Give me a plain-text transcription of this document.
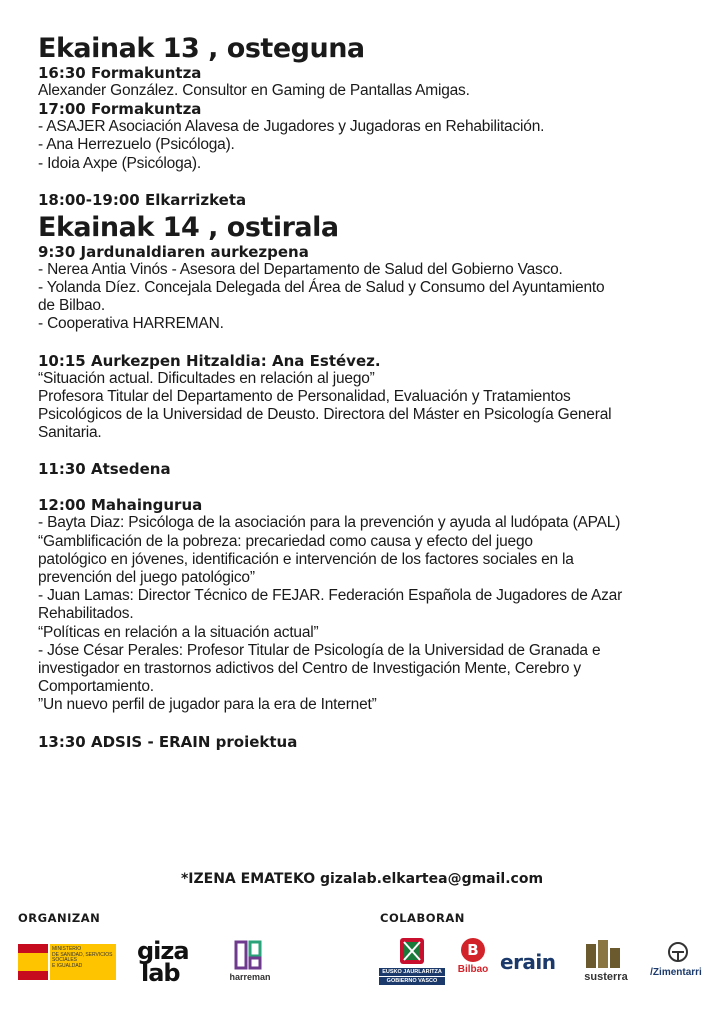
Ekainak 13 , osteguna

16:30 Formakuntza

Alexander González. Consultor en Gaming de Pantallas Amigas.

17:00 Formakuntza

- ASAJER Asociación Alavesa de Jugadores y Jugadoras en Rehabilitación.

- Ana Herrezuelo (Psicóloga).

- Idoia Axpe (Psicóloga).

18:00-19:00 Elkarrizketa

Ekainak 14 , ostirala

9:30 Jardunaldiaren aurkezpena

- Nerea Antia Vinós - Asesora del Departamento de Salud del Gobierno Vasco.

- Yolanda Díez. Concejala Delegada del Área de Salud y Consumo del Ayuntamiento

de Bilbao.

- Cooperativa HARREMAN.

10:15 Aurkezpen Hitzaldia: Ana Estévez.

“Situación actual. Dificultades en relación al juego”

Profesora Titular del Departamento de Personalidad, Evaluación y Tratamientos

Psicológicos de la Universidad de Deusto. Directora del Máster en Psicología General

Sanitaria.

11:30 Atsedena

12:00 Mahaingurua

- Bayta Diaz: Psicóloga de la asociación para la prevención y ayuda al ludópata (APAL)

“Gamblificación de la pobreza: precariedad como causa y efecto del juego

patológico en jóvenes, identificación e intervención de los factores sociales en la

prevención del juego patológico”

- Juan Lamas: Director Técnico de FEJAR. Federación Española de Jugadores de Azar

Rehabilitados.

“Políticas en relación a la situación actual”

- Jóse César Perales: Profesor Titular de Psicología de la Universidad de Granada e

investigador en trastornos adictivos del Centro de Investigación Mente, Cerebro y

Comportamiento.

”Un nuevo perfil de jugador para la era de Internet”

13:30 ADSIS - ERAIN proiektua

*IZENA EMATEKO gizalab.elkartea@gmail.com
ORGANIZAN	COLABORAN
MINISTERIO
DE SANIDAD, SERVICIOS SOCIALES
E IGUALDAD
giza
lab	harreman	EUSKO JAURLARITZA
GOBIERNO VASCO
B
Bilbao erain
susterra	/Zimentarri
